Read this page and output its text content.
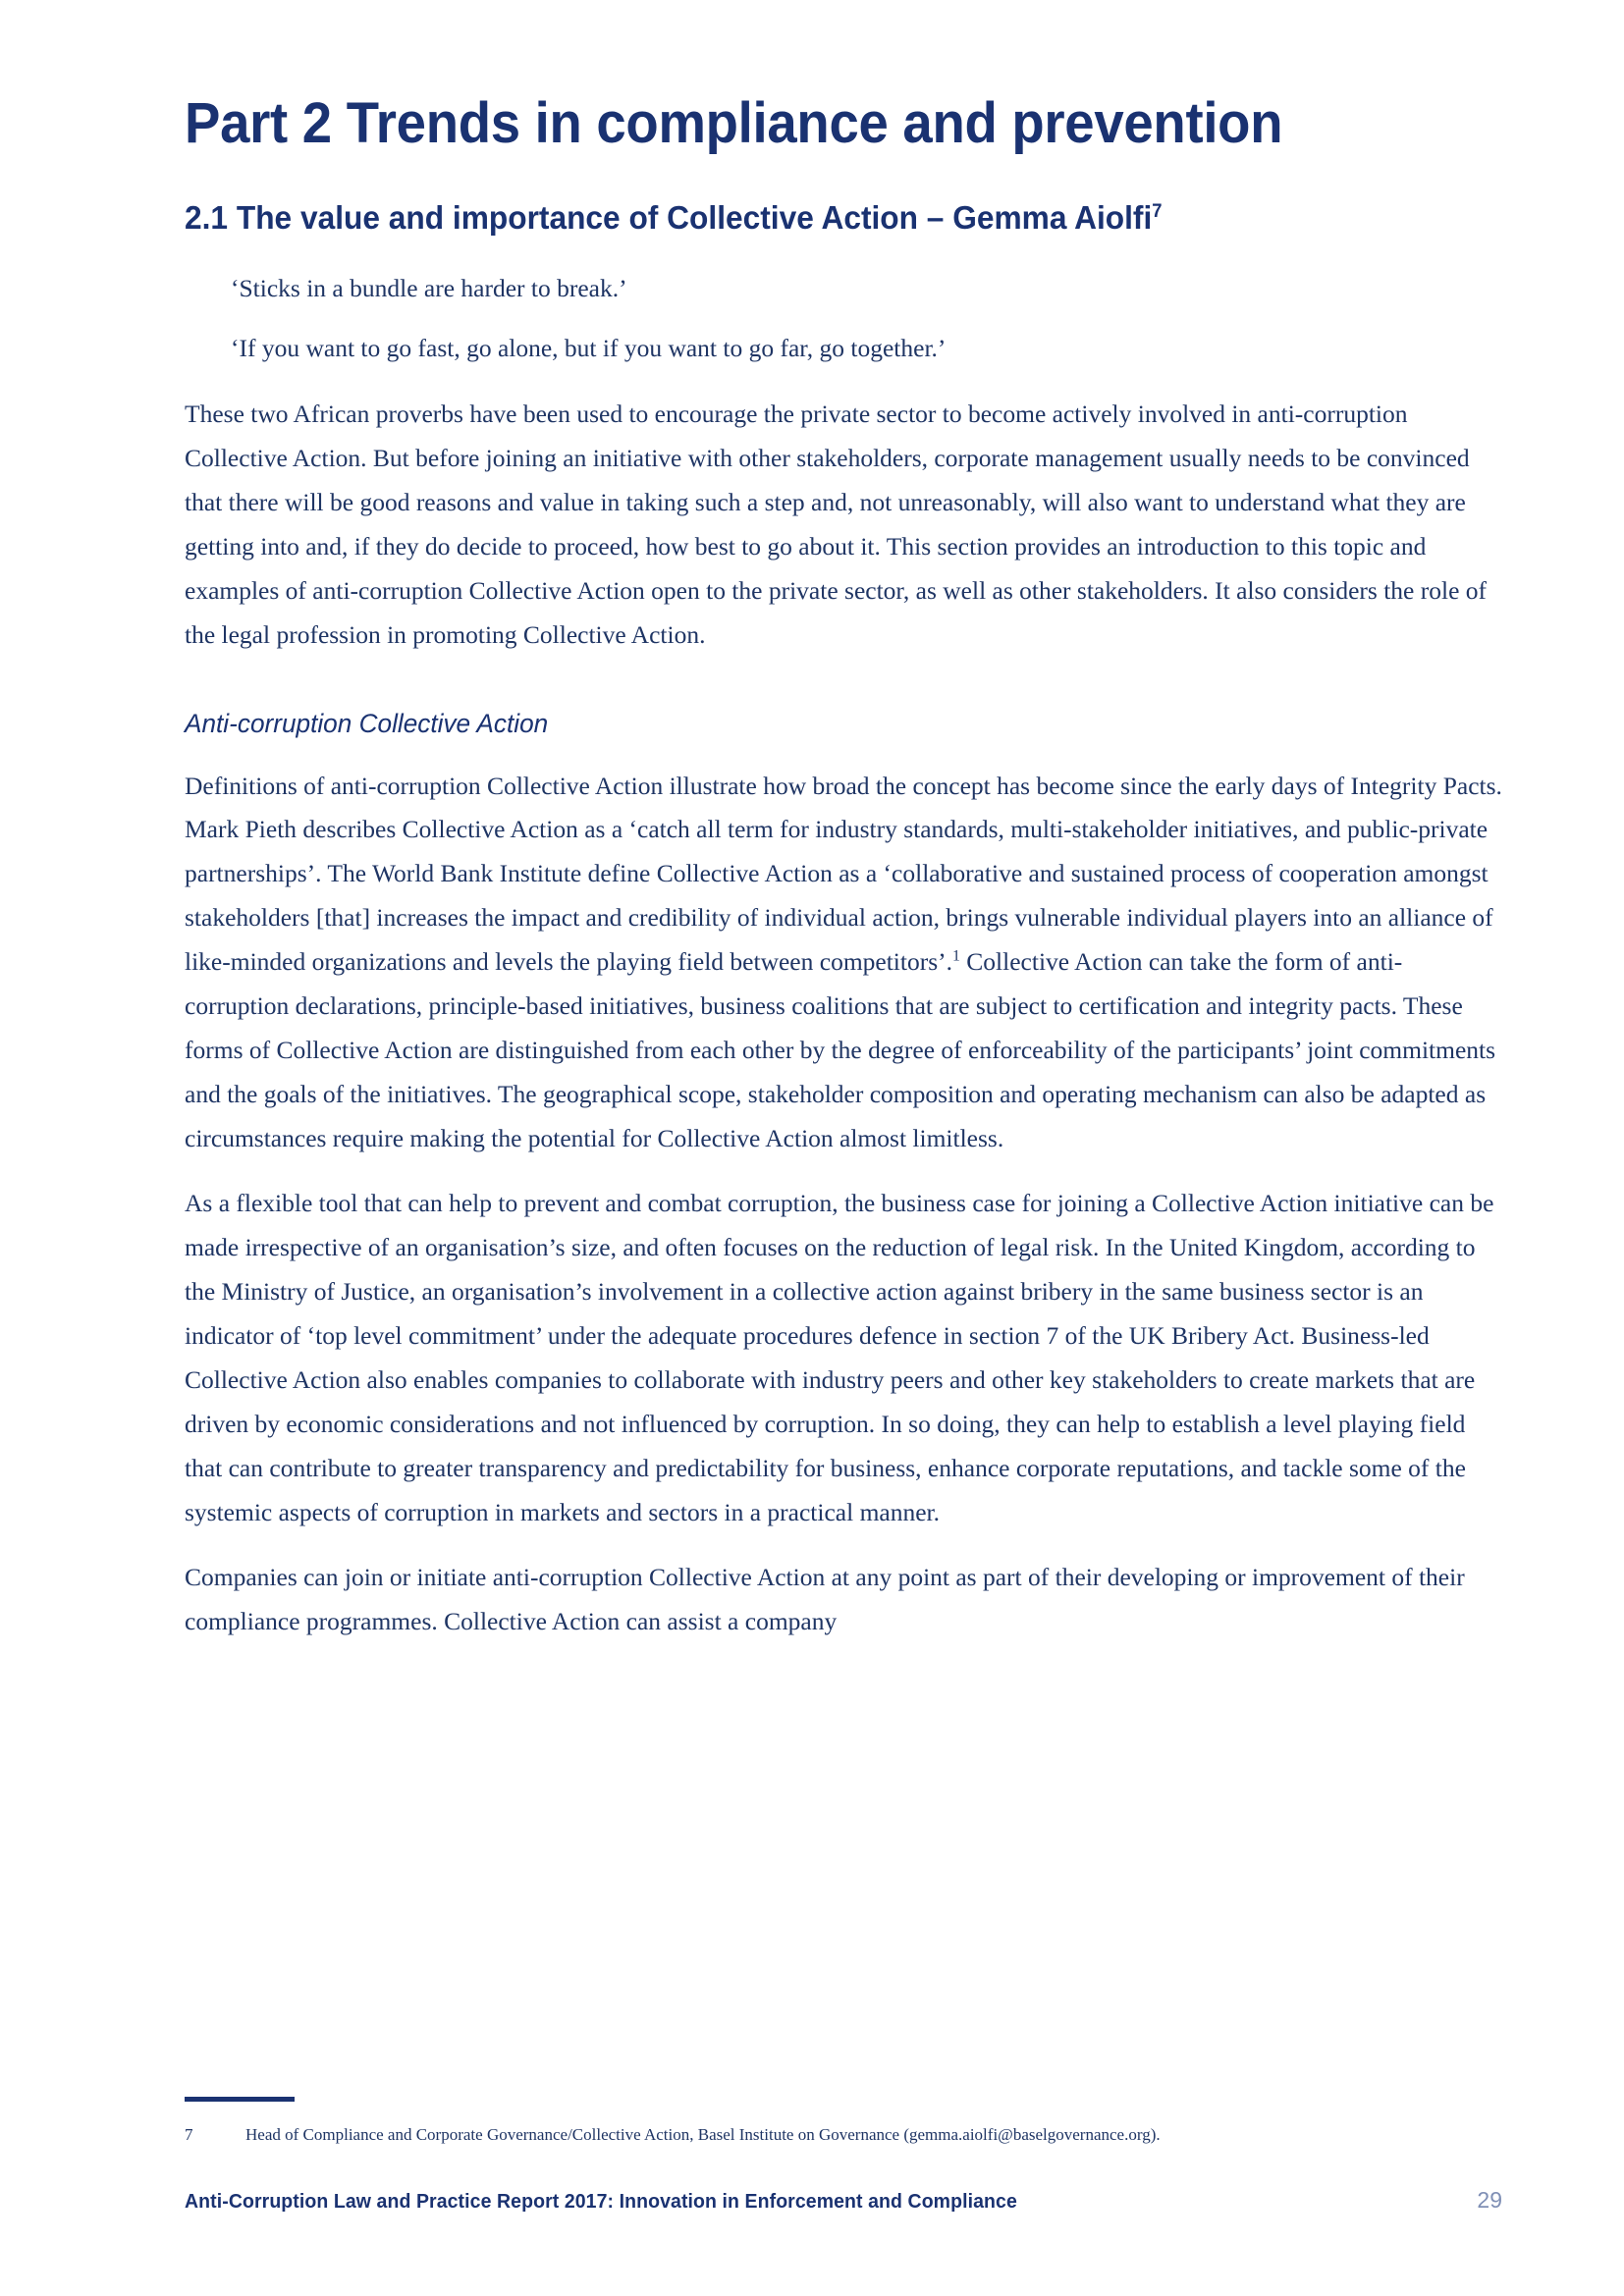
Part 2 Trends in compliance and prevention
2.1 The value and importance of Collective Action – Gemma Aiolfi$^7$

‘Sticks in a bundle are harder to break.’

‘If you want to go fast, go alone, but if you want to go far, go together.’

These two African proverbs have been used to encourage the private sector to become actively involved in anti-corruption Collective Action. But before joining an initiative with other stakeholders, corporate management usually needs to be convinced that there will be good reasons and value in taking such a step and, not unreasonably, will also want to understand what they are getting into and, if they do decide to proceed, how best to go about it. This section provides an introduction to this topic and examples of anti-corruption Collective Action open to the private sector, as well as other stakeholders. It also considers the role of the legal profession in promoting Collective Action.

Anti-corruption Collective Action

Definitions of anti-corruption Collective Action illustrate how broad the concept has become since the early days of Integrity Pacts. Mark Pieth describes Collective Action as a ‘catch all term for industry standards, multi-stakeholder initiatives, and public-private partnerships’. The World Bank Institute define Collective Action as a ‘collaborative and sustained process of cooperation amongst stakeholders [that] increases the impact and credibility of individual action, brings vulnerable individual players into an alliance of like-minded organizations and levels the playing field between competitors’.$^1$ Collective Action can take the form of anti-corruption declarations, principle-based initiatives, business coalitions that are subject to certification and integrity pacts. These forms of Collective Action are distinguished from each other by the degree of enforceability of the participants’ joint commitments and the goals of the initiatives. The geographical scope, stakeholder composition and operating mechanism can also be adapted as circumstances require making the potential for Collective Action almost limitless.

As a flexible tool that can help to prevent and combat corruption, the business case for joining a Collective Action initiative can be made irrespective of an organisation’s size, and often focuses on the reduction of legal risk. In the United Kingdom, according to the Ministry of Justice, an organisation’s involvement in a collective action against bribery in the same business sector is an indicator of ‘top level commitment’ under the adequate procedures defence in section 7 of the UK Bribery Act. Business-led Collective Action also enables companies to collaborate with industry peers and other key stakeholders to create markets that are driven by economic considerations and not influenced by corruption. In so doing, they can help to establish a level playing field that can contribute to greater transparency and predictability for business, enhance corporate reputations, and tackle some of the systemic aspects of corruption in markets and sectors in a practical manner.

Companies can join or initiate anti-corruption Collective Action at any point as part of their developing or improvement of their compliance programmes. Collective Action can assist a company

7	Head of Compliance and Corporate Governance/Collective Action, Basel Institute on Governance (gemma.aiolfi@baselgovernance.org).
Anti-Corruption Law and Practice Report 2017: Innovation in Enforcement and Compliance	29
